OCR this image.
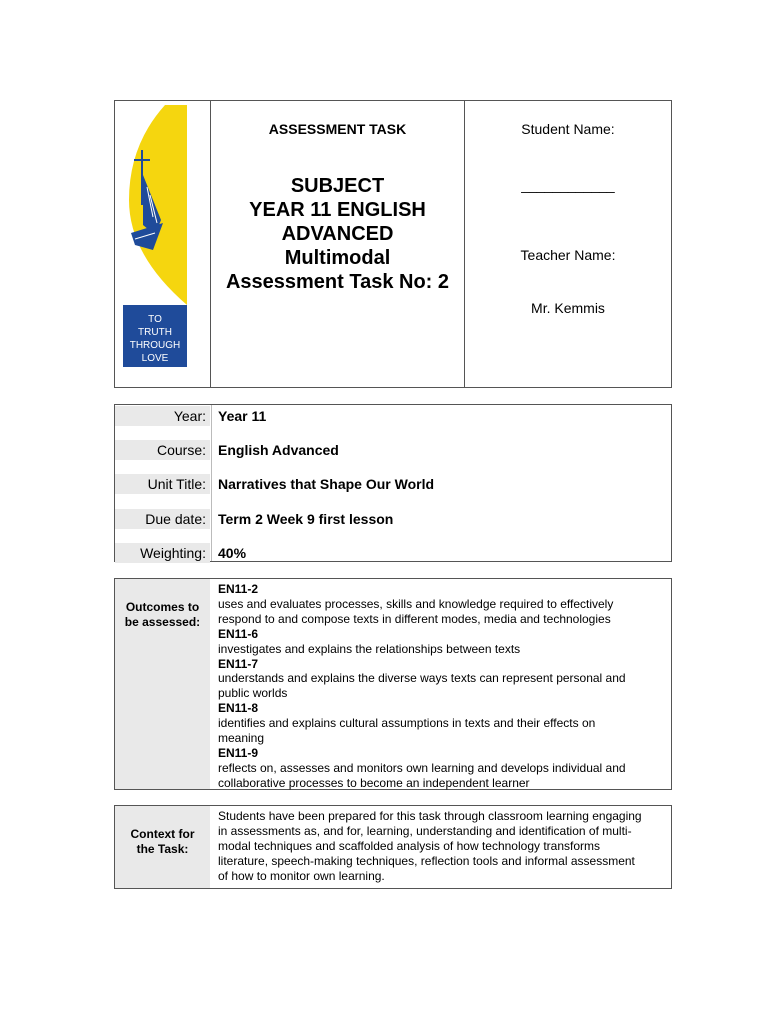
TO
TRUTH
THROUGH
LOVE
ASSESSMENT TASK
SUBJECT
YEAR 11 ENGLISH
ADVANCED
Multimodal
Assessment Task No: 2
Student Name:
____________
Teacher Name:
Mr. Kemmis
Year: Year 11
Course: English Advanced
Unit Title: Narratives that Shape Our World
Due date: Term 2 Week 9 first lesson
Weighting: 40%
Outcomes to
be assessed:
EN11-2
uses and evaluates processes, skills and knowledge required to effectively
respond to and compose texts in different modes, media and technologies
EN11-6
investigates and explains the relationships between texts
EN11-7
understands and explains the diverse ways texts can represent personal and
public worlds
EN11-8
identifies and explains cultural assumptions in texts and their effects on
meaning
EN11-9
reflects on, assesses and monitors own learning and develops individual and
collaborative processes to become an independent learner
Context for
the Task:
Students have been prepared for this task through classroom learning engaging
in assessments as, and for, learning, understanding and identification of multi-
modal techniques and scaffolded analysis of how technology transforms
literature, speech-making techniques, reflection tools and informal assessment
of how to monitor own learning.
